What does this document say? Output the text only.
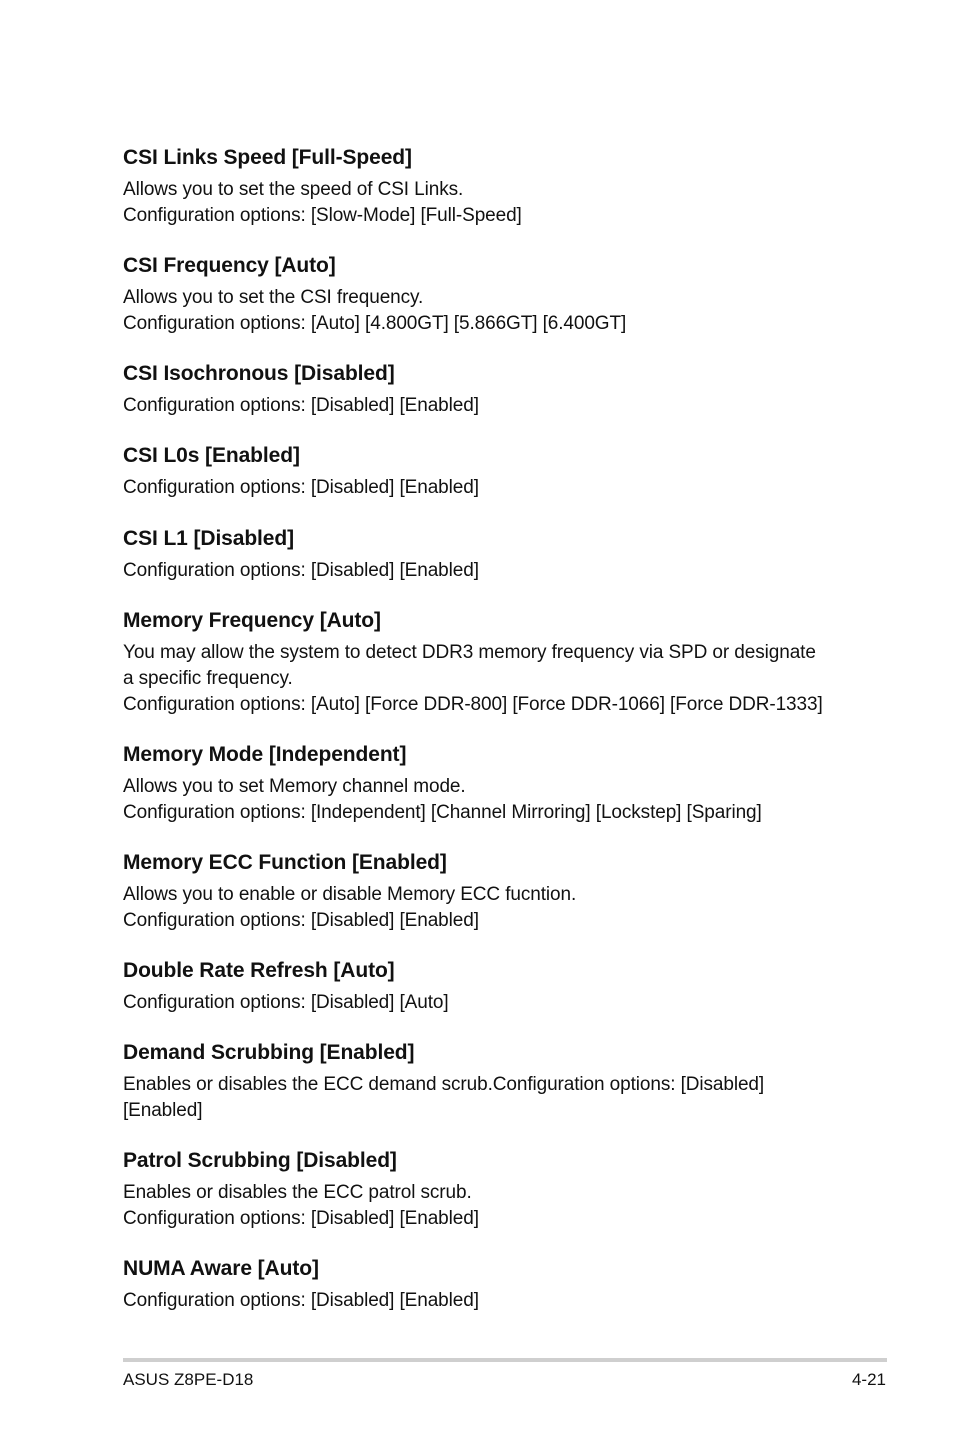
CSI Links Speed [Full-Speed]

Allows you to set the speed of CSI Links.
Configuration options: [Slow-Mode] [Full-Speed]

CSI Frequency [Auto]

Allows you to set the CSI frequency.
Configuration options: [Auto] [4.800GT] [5.866GT] [6.400GT]

CSI Isochronous [Disabled]

Configuration options: [Disabled] [Enabled]

CSI L0s [Enabled]

Configuration options: [Disabled] [Enabled]

CSI L1 [Disabled]

Configuration options: [Disabled] [Enabled]

Memory Frequency [Auto]

You may allow the system to detect DDR3 memory frequency via SPD or designate
a specific frequency.
Configuration options: [Auto] [Force DDR-800] [Force DDR-1066] [Force DDR-1333]

Memory Mode [Independent]

Allows you to set Memory channel mode.
Configuration options: [Independent] [Channel Mirroring] [Lockstep] [Sparing]

Memory ECC Function [Enabled]

Allows you to enable or disable Memory ECC fucntion.
Configuration options: [Disabled] [Enabled]

Double Rate Refresh [Auto]

Configuration options: [Disabled] [Auto]

Demand Scrubbing [Enabled]

Enables or disables the ECC demand scrub.Configuration options: [Disabled]
[Enabled]

Patrol Scrubbing [Disabled]

Enables or disables the ECC patrol scrub.
Configuration options: [Disabled] [Enabled]

NUMA Aware [Auto]

Configuration options: [Disabled] [Enabled]

ASUS Z8PE-D18	4-21
